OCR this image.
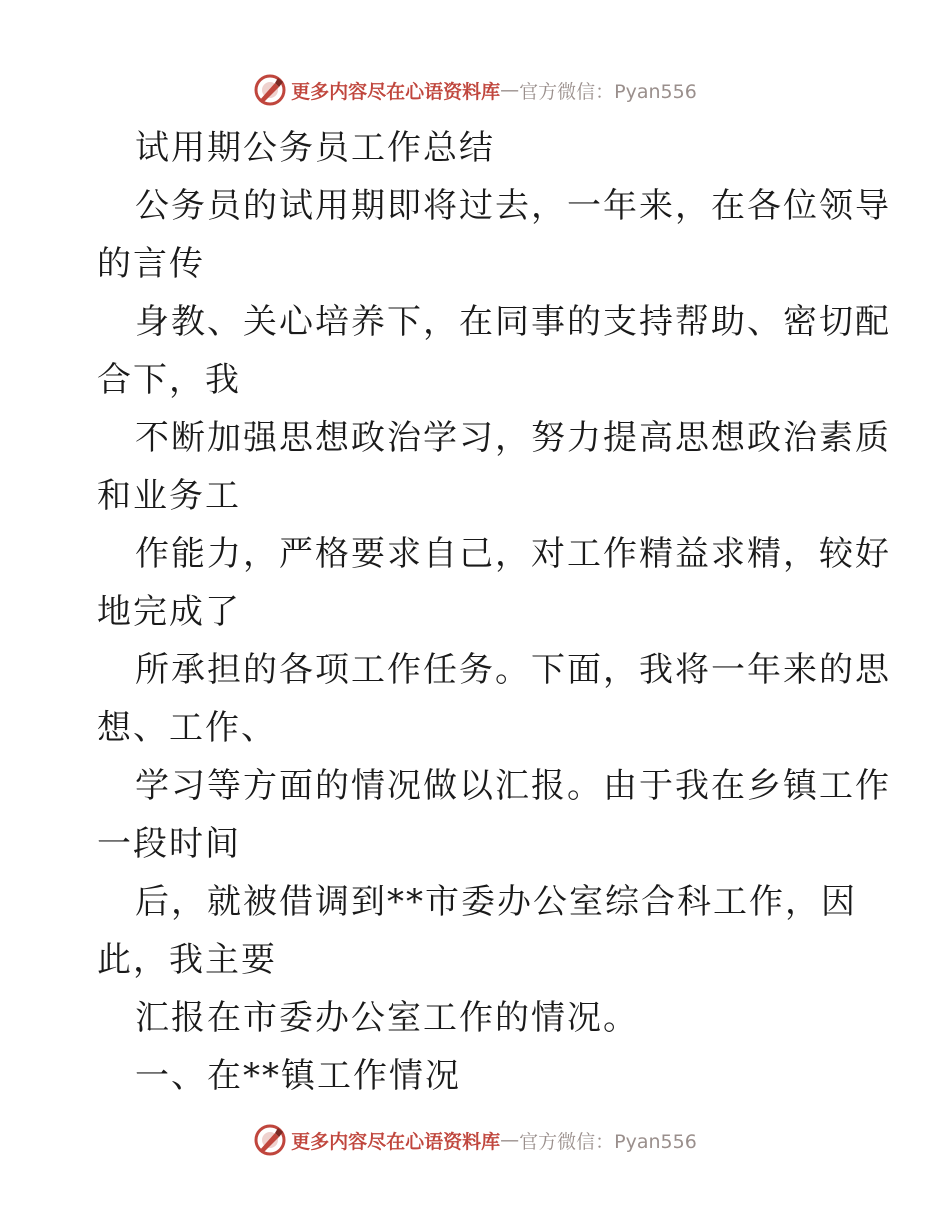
更多内容尽在心语资料库 — 官方微信：Pyan556
试用期公务员工作总结
公务员的试用期即将过去，一年来，在各位领导
的言传
身教、关心培养下，在同事的支持帮助、密切配
合下，我
不断加强思想政治学习，努力提高思想政治素质
和业务工
作能力，严格要求自己，对工作精益求精，较好
地完成了
所承担的各项工作任务。下面，我将一年来的思
想、工作、
学习等方面的情况做以汇报。由于我在乡镇工作
一段时间
后，就被借调到**市委办公室综合科工作，因
此，我主要
汇报在市委办公室工作的情况。
一、在**镇工作情况
更多内容尽在心语资料库 — 官方微信：Pyan556
